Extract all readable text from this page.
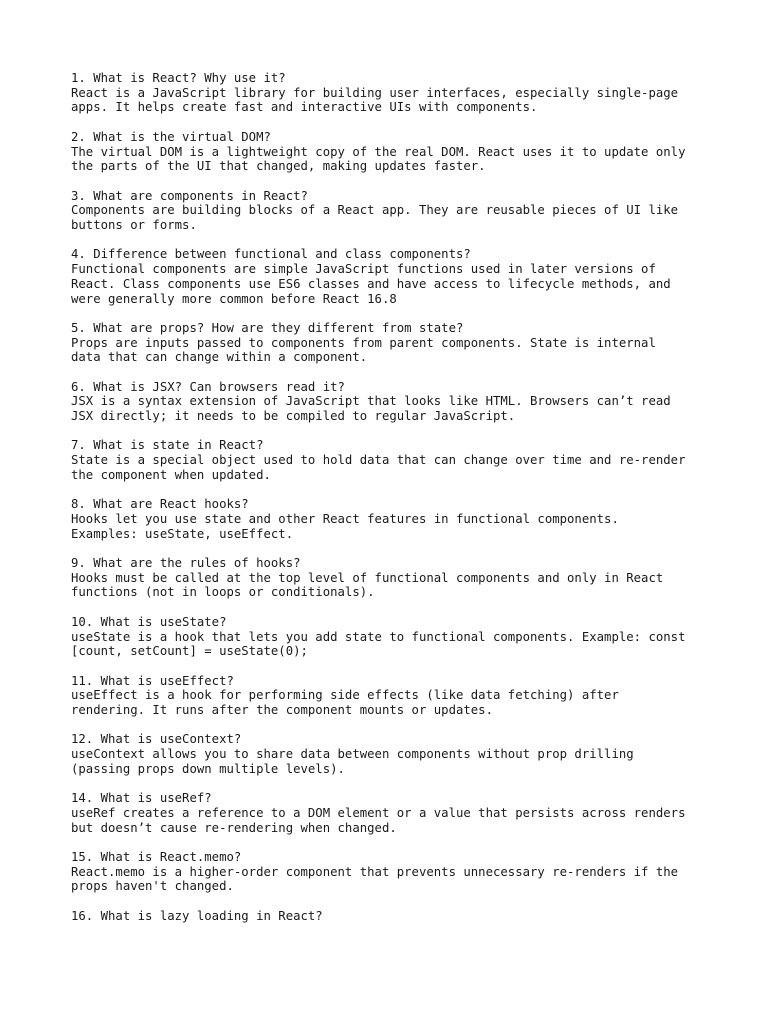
1. What is React? Why use it?
React is a JavaScript library for building user interfaces, especially single-page
apps. It helps create fast and interactive UIs with components.
2. What is the virtual DOM?
The virtual DOM is a lightweight copy of the real DOM. React uses it to update only
the parts of the UI that changed, making updates faster.
3. What are components in React?
Components are building blocks of a React app. They are reusable pieces of UI like
buttons or forms.
4. Difference between functional and class components?
Functional components are simple JavaScript functions used in later versions of
React. Class components use ES6 classes and have access to lifecycle methods, and
were generally more common before React 16.8
5. What are props? How are they different from state?
Props are inputs passed to components from parent components. State is internal
data that can change within a component.
6. What is JSX? Can browsers read it?
JSX is a syntax extension of JavaScript that looks like HTML. Browsers can’t read
JSX directly; it needs to be compiled to regular JavaScript.
7. What is state in React?
State is a special object used to hold data that can change over time and re-render
the component when updated.
8. What are React hooks?
Hooks let you use state and other React features in functional components.
Examples: useState, useEffect.
9. What are the rules of hooks?
Hooks must be called at the top level of functional components and only in React
functions (not in loops or conditionals).
10. What is useState?
useState is a hook that lets you add state to functional components. Example: const
[count, setCount] = useState(0);
11. What is useEffect?
useEffect is a hook for performing side effects (like data fetching) after
rendering. It runs after the component mounts or updates.
12. What is useContext?
useContext allows you to share data between components without prop drilling
(passing props down multiple levels).
14. What is useRef?
useRef creates a reference to a DOM element or a value that persists across renders
but doesn’t cause re-rendering when changed.
15. What is React.memo?
React.memo is a higher-order component that prevents unnecessary re-renders if the
props haven't changed.
16. What is lazy loading in React?
